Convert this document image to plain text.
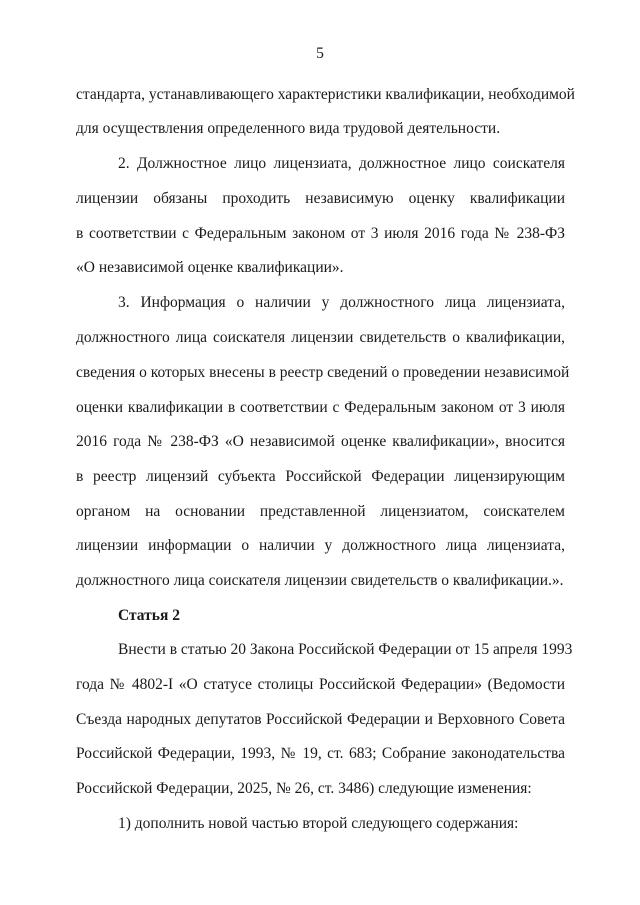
5
стандарта, устанавливающего характеристики квалификации, необходимой
для осуществления определенного вида трудовой деятельности.
2. Должностное лицо лицензиата, должностное лицо соискателя
лицензии обязаны проходить независимую оценку квалификации
в соответствии с Федеральным законом от 3 июля 2016 года № 238-ФЗ
«О независимой оценке квалификации».
3. Информация о наличии у должностного лица лицензиата,
должностного лица соискателя лицензии свидетельств о квалификации,
сведения о которых внесены в реестр сведений о проведении независимой
оценки квалификации в соответствии с Федеральным законом от 3 июля
2016 года № 238-ФЗ «О независимой оценке квалификации», вносится
в реестр лицензий субъекта Российской Федерации лицензирующим
органом на основании представленной лицензиатом, соискателем
лицензии информации о наличии у должностного лица лицензиата,
должностного лица соискателя лицензии свидетельств о квалификации.».
Статья 2
Внести в статью 20 Закона Российской Федерации от 15 апреля 1993
года № 4802-I «О статусе столицы Российской Федерации» (Ведомости
Съезда народных депутатов Российской Федерации и Верховного Совета
Российской Федерации, 1993, № 19, ст. 683; Собрание законодательства
Российской Федерации, 2025, № 26, ст. 3486) следующие изменения:
1) дополнить новой частью второй следующего содержания:
